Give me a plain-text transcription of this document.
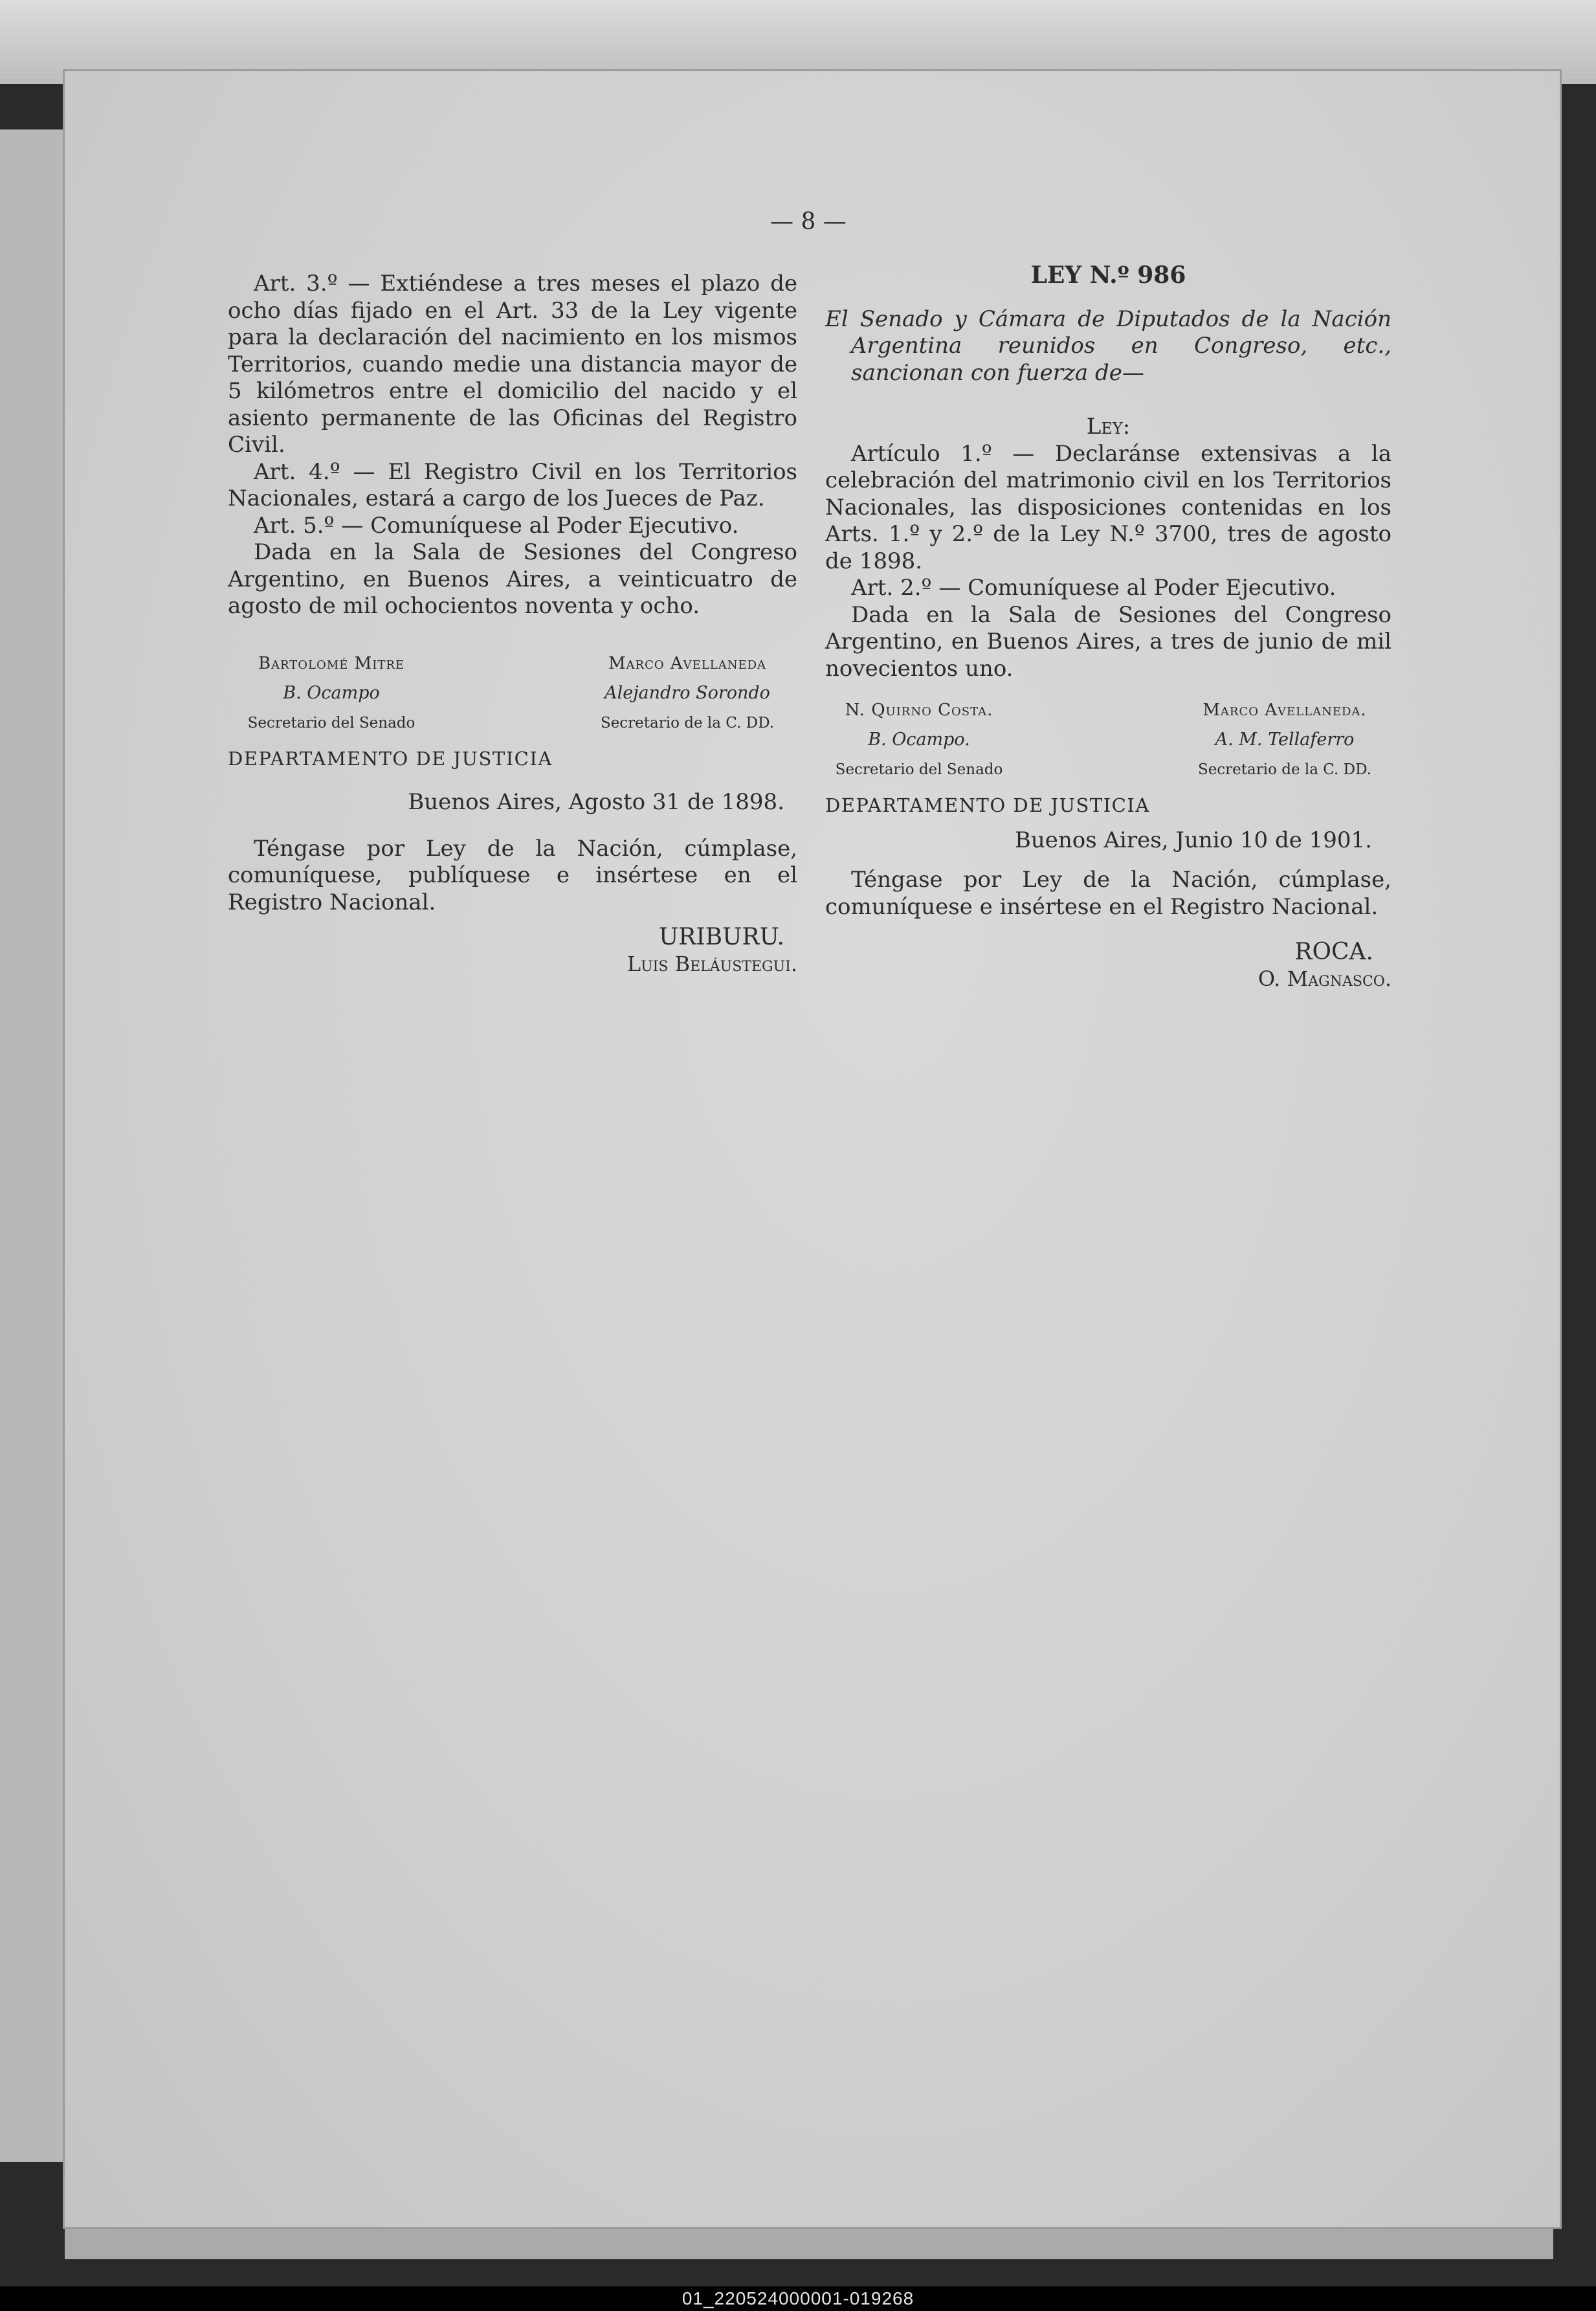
— 8 —

Art. 3.º — Extiéndese a tres meses el plazo de ocho días fijado en el Art. 33 de la Ley vigente para la declaración del nacimiento en los mismos Territorios, cuando medie una distancia mayor de 5 kilómetros entre el domicilio del nacido y el asiento permanente de las Oficinas del Registro Civil.

Art. 4.º — El Registro Civil en los Territorios Nacionales, estará a cargo de los Jueces de Paz.

Art. 5.º — Comuníquese al Poder Ejecutivo.

Dada en la Sala de Sesiones del Congreso Argentino, en Buenos Aires, a veinticuatro de agosto de mil ochocientos noventa y ocho.

Bartolomé Mitre
B. Ocampo
Secretario del Senado
Marco Avellaneda
Alejandro Sorondo
Secretario de la C. DD.
DEPARTAMENTO DE JUSTICIA

Buenos Aires, Agosto 31 de 1898.

Téngase por Ley de la Nación, cúmplase, comuníquese, publíquese e insértese en el Registro Nacional.

URIBURU.
Luis Beláustegui.
LEY N.º 986

El Senado y Cámara de Diputados de la Nación Argentina reunidos en Congreso, etc., sancionan con fuerza de—

Ley:

Artículo 1.º — Declaránse extensivas a la celebración del matrimonio civil en los Territorios Nacionales, las disposiciones contenidas en los Arts. 1.º y 2.º de la Ley N.º 3700, tres de agosto de 1898.

Art. 2.º — Comuníquese al Poder Ejecutivo.

Dada en la Sala de Sesiones del Congreso Argentino, en Buenos Aires, a tres de junio de mil novecientos uno.

N. Quirno Costa.
B. Ocampo.
Secretario del Senado
Marco Avellaneda.
A. M. Tellaferro
Secretario de la C. DD.
DEPARTAMENTO DE JUSTICIA

Buenos Aires, Junio 10 de 1901.

Téngase por Ley de la Nación, cúmplase, comuníquese e insértese en el Registro Nacional.

ROCA.
O. Magnasco.
01_220524000001-019268
